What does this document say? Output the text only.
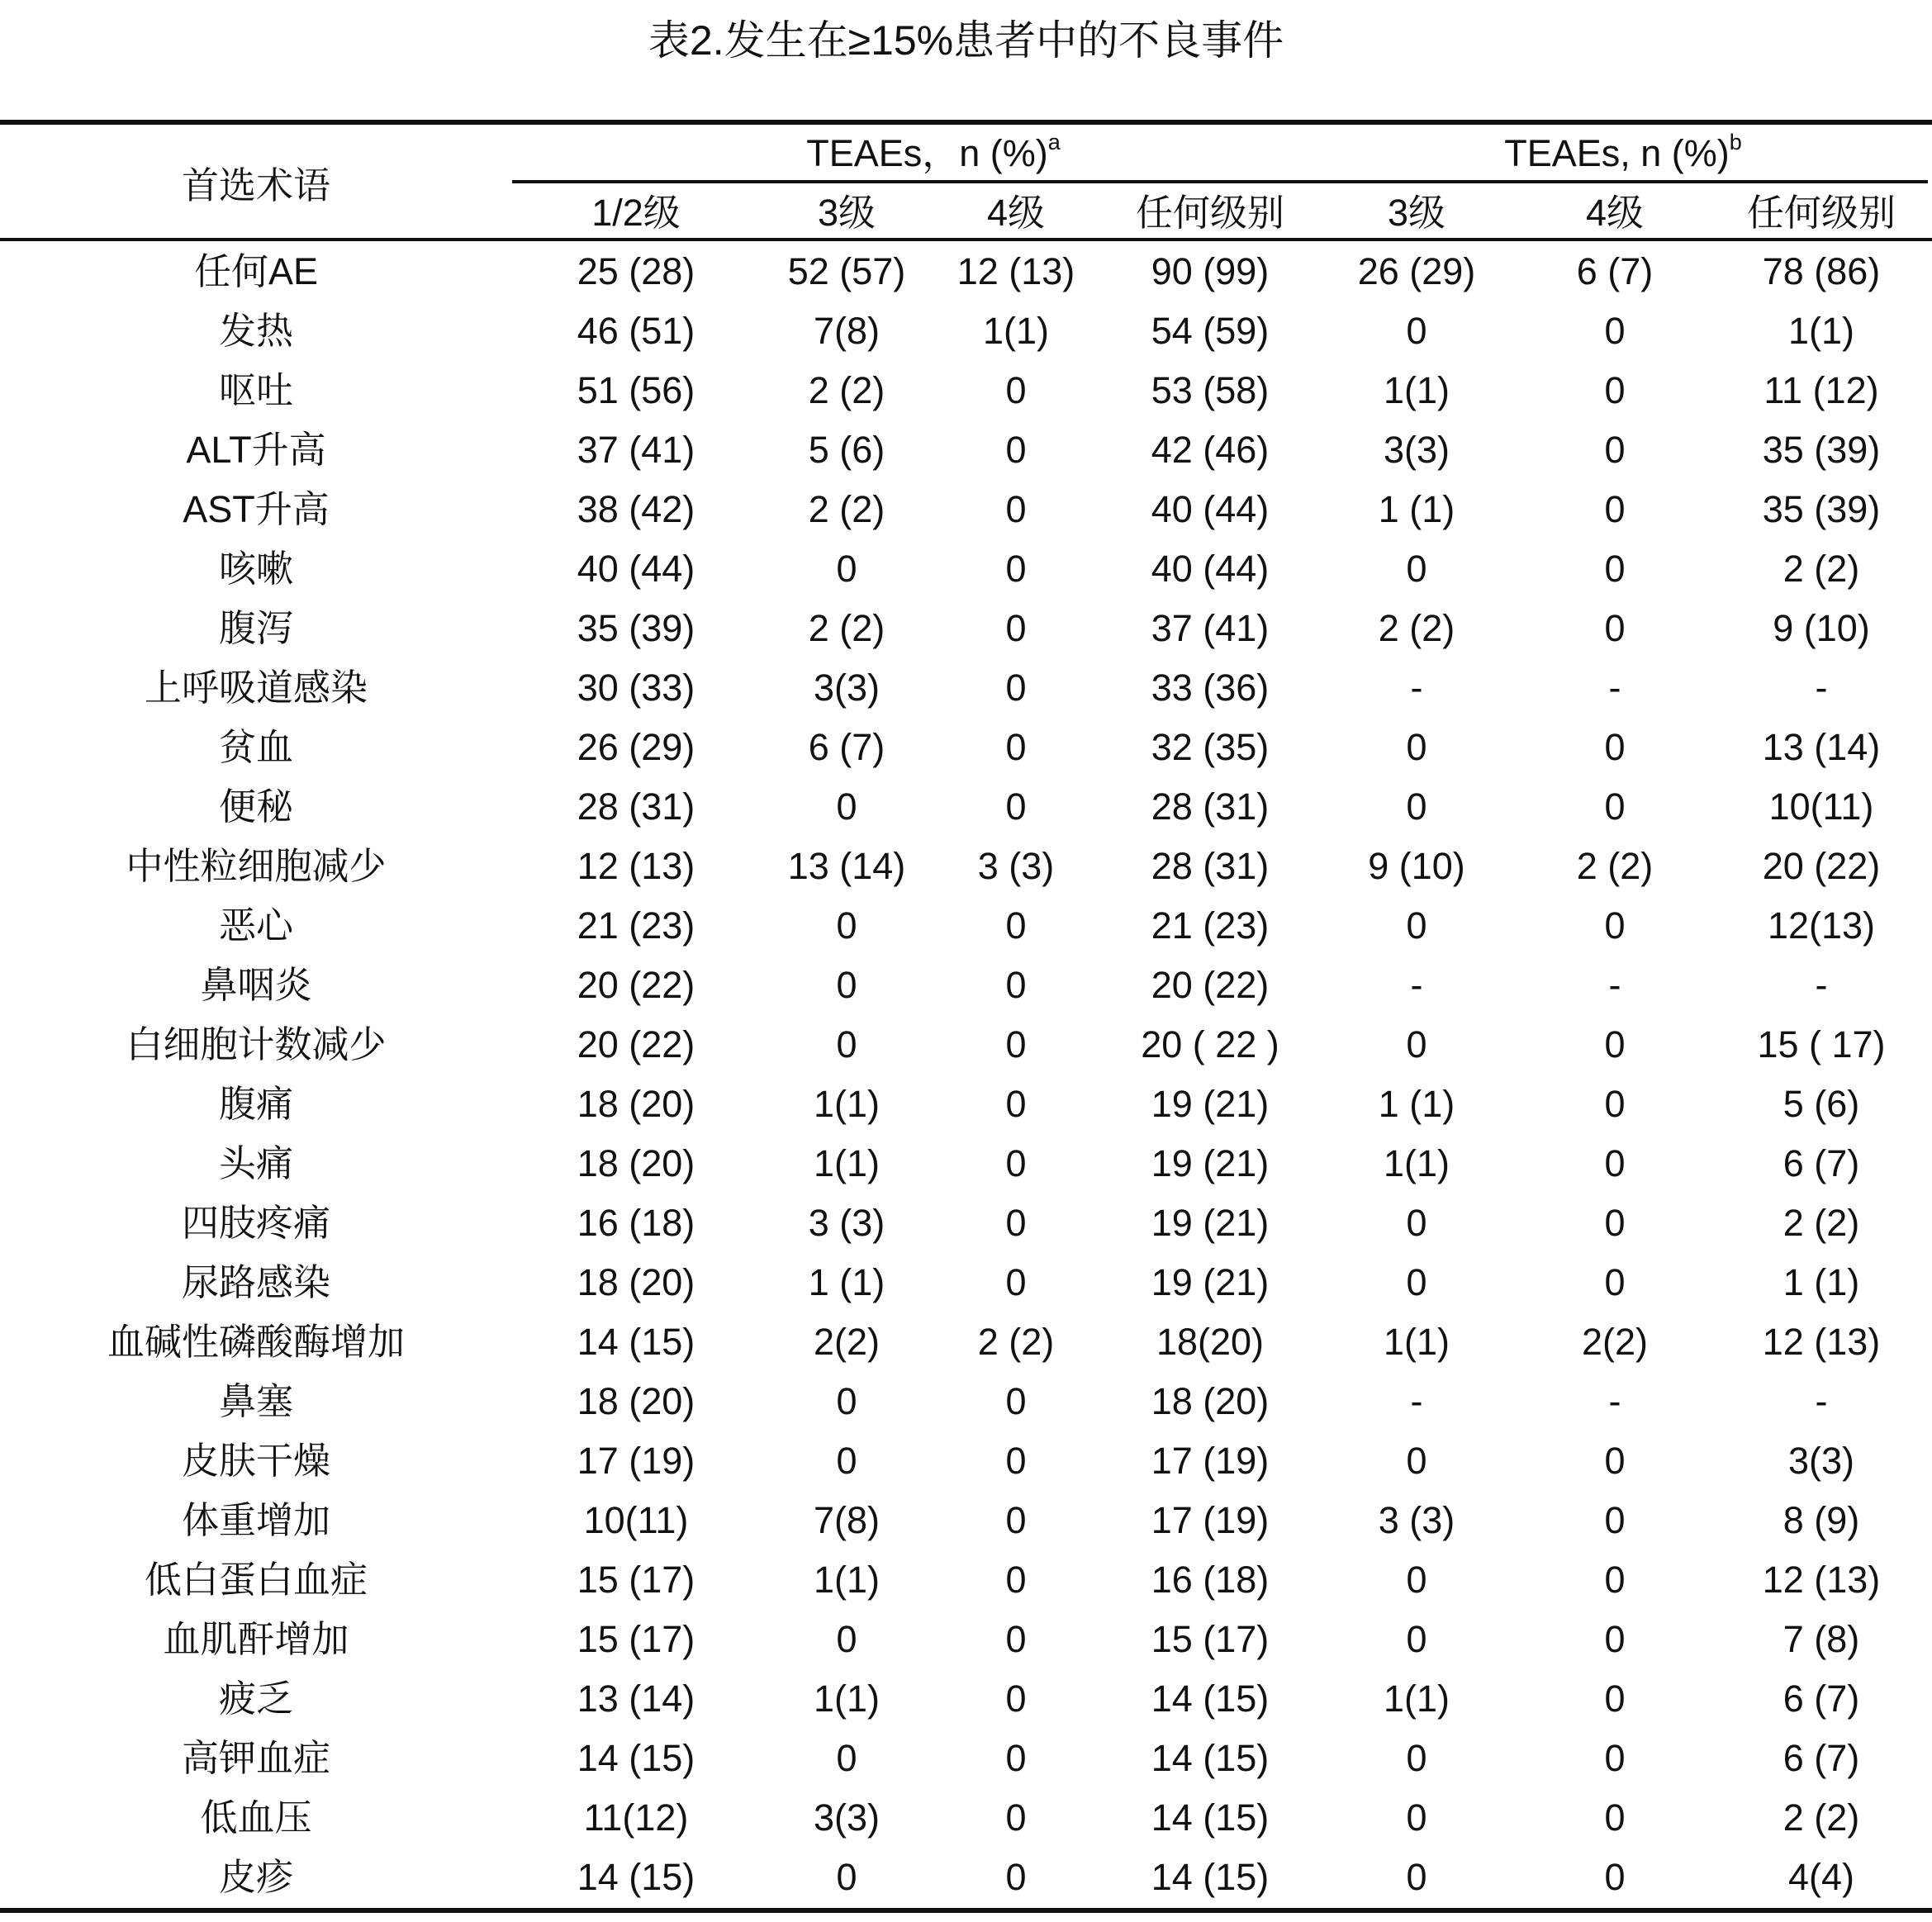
表2.发生在≥15%患者中的不良事件
首选术语
TEAEs，n (%)$^a$	TEAEs, n (%)$^b$
1/2级	3级	4级	任何级别	3级	4级	任何级别
任何AE	25 (28)	52 (57)	12 (13)	90 (99)	26 (29)	6 (7)	78 (86)
发热	46 (51)	7(8)	1(1)	54 (59)	0	0	1(1)
呕吐	51 (56)	2 (2)	0	53 (58)	1(1)	0	11 (12)
ALT升高	37 (41)	5 (6)	0	42 (46)	3(3)	0	35 (39)
AST升高	38 (42)	2 (2)	0	40 (44)	1 (1)	0	35 (39)
咳嗽	40 (44)	0	0	40 (44)	0	0	2 (2)
腹泻	35 (39)	2 (2)	0	37 (41)	2 (2)	0	9 (10)
上呼吸道感染	30 (33)	3(3)	0	33 (36)	-	-	-
贫血	26 (29)	6 (7)	0	32 (35)	0	0	13 (14)
便秘	28 (31)	0	0	28 (31)	0	0	10(11)
中性粒细胞减少	12 (13)	13 (14)	3 (3)	28 (31)	9 (10)	2 (2)	20 (22)
恶心	21 (23)	0	0	21 (23)	0	0	12(13)
鼻咽炎	20 (22)	0	0	20 (22)	-	-	-
白细胞计数减少	20 (22)	0	0	20 ( 22 )	0	0	15 ( 17)
腹痛	18 (20)	1(1)	0	19 (21)	1 (1)	0	5 (6)
头痛	18 (20)	1(1)	0	19 (21)	1(1)	0	6 (7)
四肢疼痛	16 (18)	3 (3)	0	19 (21)	0	0	2 (2)
尿路感染	18 (20)	1 (1)	0	19 (21)	0	0	1 (1)
血碱性磷酸酶增加	14 (15)	2(2)	2 (2)	18(20)	1(1)	2(2)	12 (13)
鼻塞	18 (20)	0	0	18 (20)	-	-	-
皮肤干燥	17 (19)	0	0	17 (19)	0	0	3(3)
体重增加	10(11)	7(8)	0	17 (19)	3 (3)	0	8 (9)
低白蛋白血症	15 (17)	1(1)	0	16 (18)	0	0	12 (13)
血肌酐增加	15 (17)	0	0	15 (17)	0	0	7 (8)
疲乏	13 (14)	1(1)	0	14 (15)	1(1)	0	6 (7)
高钾血症	14 (15)	0	0	14 (15)	0	0	6 (7)
低血压	11(12)	3(3)	0	14 (15)	0	0	2 (2)
皮疹	14 (15)	0	0	14 (15)	0	0	4(4)
